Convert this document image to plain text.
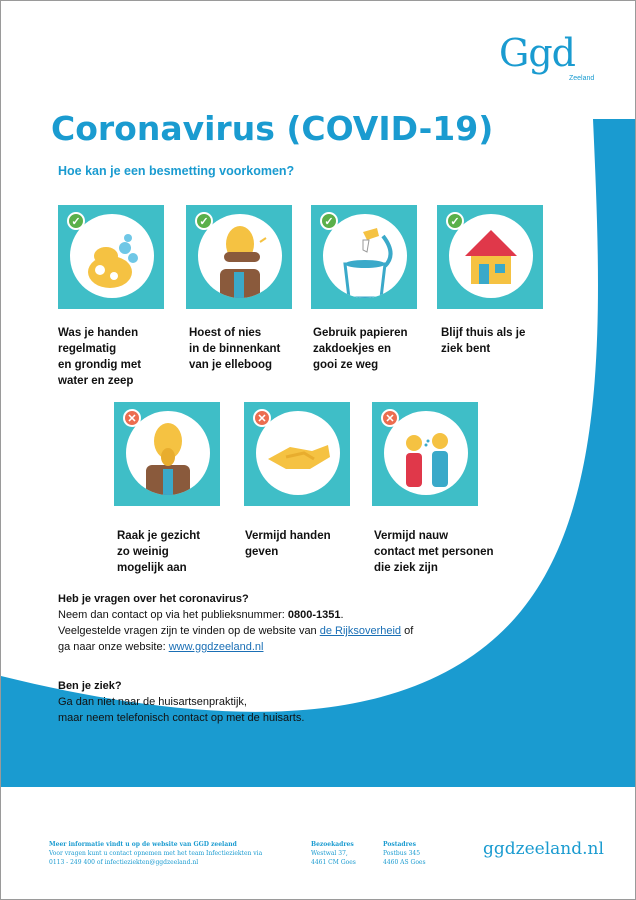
Ggd
Zeeland
Coronavirus (COVID-19)
Hoe kan je een besmetting voorkomen?
✓	✓	✓	✓
Was je handen
regelmatig
en grondig met
water en zeep
Hoest of nies
in de binnenkant
van je elleboog
Gebruik papieren
zakdoekjes en
gooi ze weg
Blijf thuis als je
ziek bent
✕	✕	✕
Raak je gezicht
zo weinig
mogelijk aan
Vermijd handen
geven
Vermijd nauw
contact met personen
die ziek zijn
Heb je vragen over het coronavirus?
Neem dan contact op via het publieksnummer: 0800-1351.
Veelgestelde vragen zijn te vinden op de website van de Rijksoverheid of
ga naar onze website: www.ggdzeeland.nl
Ben je ziek?
Ga dan niet naar de huisartsenpraktijk,
maar neem telefonisch contact op met de huisarts.

Meer informatie vindt u op de website van GGD zeeland

Voor vragen kunt u contact opnemen met het team Infectieziekten via
0113 - 249 400 of infectieziekten@ggdzeeland.nl

Bezoekadres

Westwal 37,
4461 CM Goes

Postadres

Postbus 345
4460 AS Goes

ggdzeeland.nl
